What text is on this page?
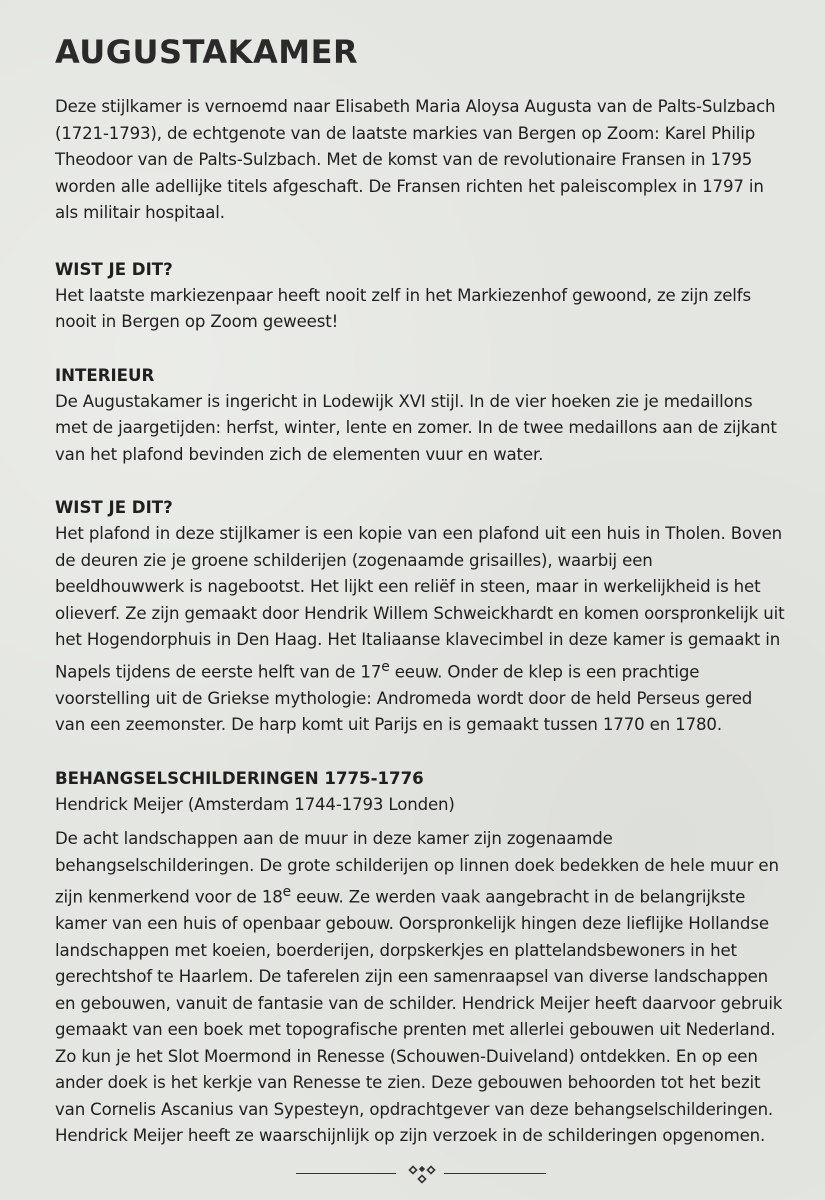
AUGUSTAKAMER

Deze stijlkamer is vernoemd naar Elisabeth Maria Aloysa Augusta van de Palts-Sulzbach (1721-1793), de echtgenote van de laatste markies van Bergen op Zoom: Karel Philip Theodoor van de Palts-Sulzbach. Met de komst van de revolutionaire Fransen in 1795 worden alle adellijke titels afgeschaft. De Fransen richten het paleiscomplex in 1797 in als militair hospitaal.

WIST JE DIT?

Het laatste markiezenpaar heeft nooit zelf in het Markiezenhof gewoond, ze zijn zelfs nooit in Bergen op Zoom geweest!

INTERIEUR

De Augustakamer is ingericht in Lodewijk XVI stijl. In de vier hoeken zie je medaillons met de jaargetijden: herfst, winter, lente en zomer. In de twee medaillons aan de zijkant van het plafond bevinden zich de elementen vuur en water.

WIST JE DIT?

Het plafond in deze stijlkamer is een kopie van een plafond uit een huis in Tholen. Boven de deuren zie je groene schilderijen (zogenaamde grisailles), waarbij een beeldhouwwerk is nagebootst. Het lijkt een reliëf in steen, maar in werkelijkheid is het olieverf. Ze zijn gemaakt door Hendrik Willem Schweickhardt en komen oorspronkelijk uit het Hogendorphuis in Den Haag. Het Italiaanse klavecimbel in deze kamer is gemaakt in Napels tijdens de eerste helft van de 17e eeuw. Onder de klep is een prachtige voorstelling uit de Griekse mythologie: Andromeda wordt door de held Perseus gered van een zeemonster. De harp komt uit Parijs en is gemaakt tussen 1770 en 1780.

BEHANGSELSCHILDERINGEN 1775-1776

Hendrick Meijer (Amsterdam 1744-1793 Londen)

De acht landschappen aan de muur in deze kamer zijn zogenaamde behangselschilderingen. De grote schilderijen op linnen doek bedekken de hele muur en zijn kenmerkend voor de 18e eeuw. Ze werden vaak aangebracht in de belangrijkste kamer van een huis of openbaar gebouw. Oorspronkelijk hingen deze lieflijke Hollandse landschappen met koeien, boerderijen, dorpskerkjes en plattelandsbewoners in het gerechtshof te Haarlem. De taferelen zijn een samenraapsel van diverse landschappen en gebouwen, vanuit de fantasie van de schilder. Hendrick Meijer heeft daarvoor gebruik gemaakt van een boek met topografische prenten met allerlei gebouwen uit Nederland. Zo kun je het Slot Moermond in Renesse (Schouwen-Duiveland) ontdekken. En op een ander doek is het kerkje van Renesse te zien. Deze gebouwen behoorden tot het bezit van Cornelis Ascanius van Sypesteyn, opdrachtgever van deze behangselschilderingen. Hendrick Meijer heeft ze waarschijnlijk op zijn verzoek in de schilderingen opgenomen.
